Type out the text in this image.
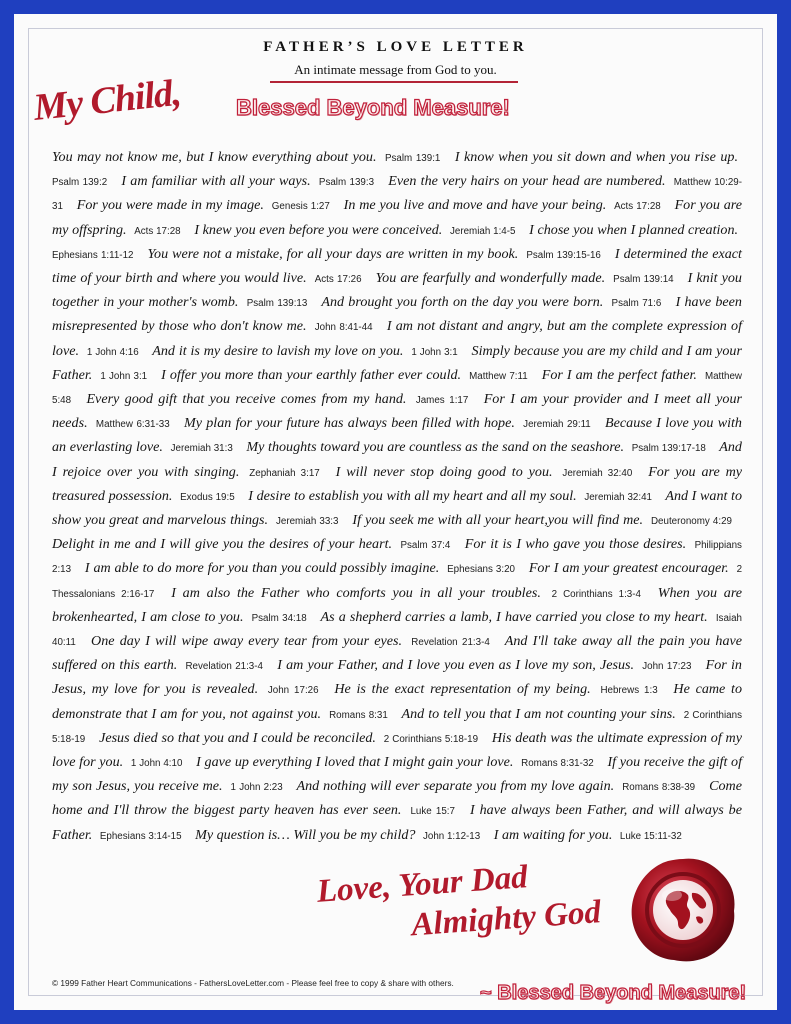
FATHER’S LOVE LETTER
An intimate message from God to you.
My Child, Blessed Beyond Measure!
You may not know me, but I know everything about you. Psalm 139:1 I know when you sit down and when you rise up. Psalm 139:2 I am familiar with all your ways. Psalm 139:3 Even the very hairs on your head are numbered. Matthew 10:29-31 For you were made in my image. Genesis 1:27 In me you live and move and have your being. Acts 17:28 For you are my offspring. Acts 17:28 I knew you even before you were conceived. Jeremiah 1:4-5 I chose you when I planned creation. Ephesians 1:11-12 You were not a mistake, for all your days are written in my book. Psalm 139:15-16 I determined the exact time of your birth and where you would live. Acts 17:26 You are fearfully and wonderfully made. Psalm 139:14 I knit you together in your mother's womb. Psalm 139:13 And brought you forth on the day you were born. Psalm 71:6 I have been misrepresented by those who don't know me. John 8:41-44 I am not distant and angry, but am the complete expression of love. 1 John 4:16 And it is my desire to lavish my love on you. 1 John 3:1 Simply because you are my child and I am your Father. 1 John 3:1 I offer you more than your earthly father ever could. Matthew 7:11 For I am the perfect father. Matthew 5:48 Every good gift that you receive comes from my hand. James 1:17 For I am your provider and I meet all your needs. Matthew 6:31-33 My plan for your future has always been filled with hope. Jeremiah 29:11 Because I love you with an everlasting love. Jeremiah 31:3 My thoughts toward you are countless as the sand on the seashore. Psalm 139:17-18 And I rejoice over you with singing. Zephaniah 3:17 I will never stop doing good to you. Jeremiah 32:40 For you are my treasured possession. Exodus 19:5 I desire to establish you with all my heart and all my soul. Jeremiah 32:41 And I want to show you great and marvelous things. Jeremiah 33:3 If you seek me with all your heart,you will find me. Deuteronomy 4:29 Delight in me and I will give you the desires of your heart. Psalm 37:4 For it is I who gave you those desires. Philippians 2:13 I am able to do more for you than you could possibly imagine. Ephesians 3:20 For I am your greatest encourager. 2 Thessalonians 2:16-17 I am also the Father who comforts you in all your troubles. 2 Corinthians 1:3-4 When you are brokenhearted, I am close to you. Psalm 34:18 As a shepherd carries a lamb, I have carried you close to my heart. Isaiah 40:11 One day I will wipe away every tear from your eyes. Revelation 21:3-4 And I'll take away all the pain you have suffered on this earth. Revelation 21:3-4 I am your Father, and I love you even as I love my son, Jesus. John 17:23 For in Jesus, my love for you is revealed. John 17:26 He is the exact representation of my being. Hebrews 1:3 He came to demonstrate that I am for you, not against you. Romans 8:31 And to tell you that I am not counting your sins. 2 Corinthians 5:18-19 Jesus died so that you and I could be reconciled. 2 Corinthians 5:18-19 His death was the ultimate expression of my love for you. 1 John 4:10 I gave up everything I loved that I might gain your love. Romans 8:31-32 If you receive the gift of my son Jesus, you receive me. 1 John 2:23 And nothing will ever separate you from my love again. Romans 8:38-39 Come home and I'll throw the biggest party heaven has ever seen. Luke 15:7 I have always been Father, and will always be Father. Ephesians 3:14-15 My question is… Will you be my child? John 1:12-13 I am waiting for you. Luke 15:11-32
Love, Your Dad
Almighty God
© 1999 Father Heart Communications - FathersLoveLetter.com - Please feel free to copy & share with others. ~ Blessed Beyond Measure!
